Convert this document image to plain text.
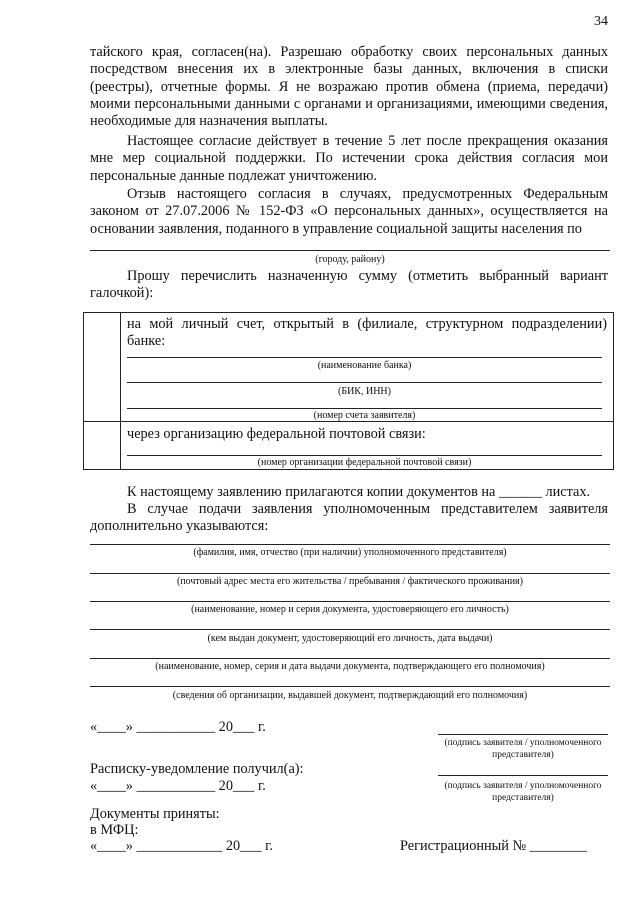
34
тайского края, согласен(на). Разрешаю обработку своих персональных данных посредством внесения их в электронные базы данных, включения в списки (реестры), отчетные формы. Я не возражаю против обмена (приема, передачи) моими персональными данными с органами и организациями, имеющими сведения, необходимые для назначения выплаты.
Настоящее согласие действует в течение 5 лет после прекращения оказания мне мер социальной поддержки. По истечении срока действия согласия мои персональные данные подлежат уничтожению.
Отзыв настоящего согласия в случаях, предусмотренных Федеральным законом от 27.07.2006 № 152-ФЗ «О персональных данных», осуществляется на основании заявления, поданного в управление социальной защиты населения по
(городу, району)
Прошу перечислить назначенную сумму (отметить выбранный вариант галочкой):
на мой личный счет, открытый в (филиале, структурном подразделении) банке:
(наименование банка)
(БИК, ИНН)
(номер счета заявителя)
через организацию федеральной почтовой связи:
(номер организации федеральной почтовой связи)
К настоящему заявлению прилагаются копии документов на ______ листах.
В случае подачи заявления уполномоченным представителем заявителя дополнительно указываются:
(фамилия, имя, отчество (при наличии) уполномоченного представителя)
(почтовый адрес места его жительства / пребывания / фактического проживания)
(наименование, номер и серия документа, удостоверяющего его личность)
(кем выдан документ, удостоверяющий его личность, дата выдачи)
(наименование, номер, серия и дата выдачи документа, подтверждающего его полномочия)
(сведения об организации, выдавшей документ, подтверждающий его полномочия)
«____» ___________ 20___ г.
(подпись заявителя / уполномоченного представителя)
Расписку-уведомление получил(а):
«____» ___________ 20___ г.	(подпись заявителя / уполномоченного представителя)
Документы приняты:
в МФЦ:
«____» ____________ 20___ г.	Регистрационный № ________
